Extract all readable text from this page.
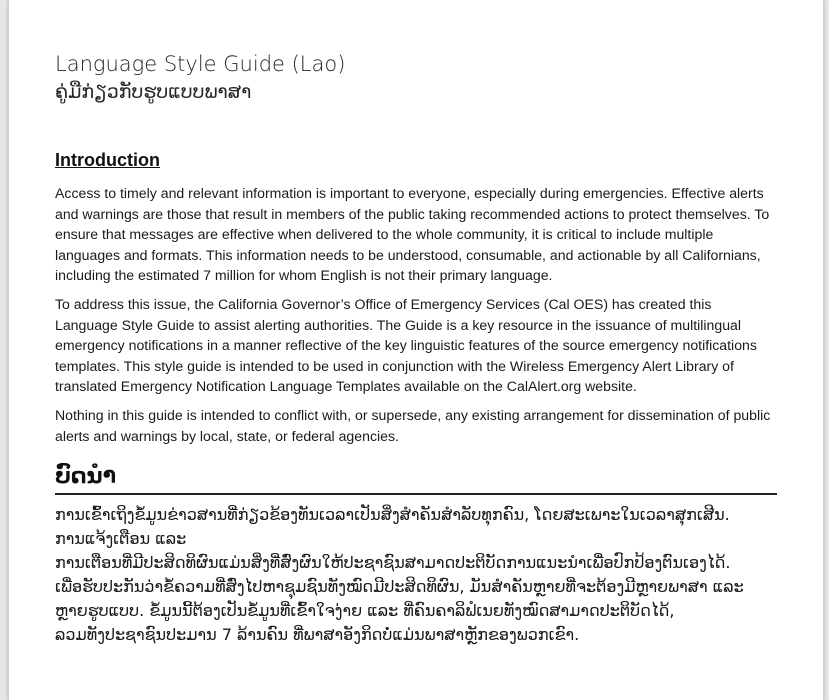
Language Style Guide (Lao)
ຄູ່ມືກ່ຽວກັບຮູບແບບພາສາ
Introduction

Access to timely and relevant information is important to everyone, especially during emergencies. Effective alerts and warnings are those that result in members of the public taking recommended actions to protect themselves. To ensure that messages are effective when delivered to the whole community, it is critical to include multiple languages and formats. This information needs to be understood, consumable, and actionable by all Californians, including the estimated 7 million for whom English is not their primary language.

To address this issue, the California Governor’s Office of Emergency Services (Cal OES) has created this Language Style Guide to assist alerting authorities. The Guide is a key resource in the issuance of multilingual emergency notifications in a manner reflective of the key linguistic features of the source emergency notifications templates. This style guide is intended to be used in conjunction with the Wireless Emergency Alert Library of translated Emergency Notification Language Templates available on the CalAlert.org website.

Nothing in this guide is intended to conflict with, or supersede, any existing arrangement for dissemination of public alerts and warnings by local, state, or federal agencies.

ບົດນໍາ

ການເຂົ້າເຖິງຂໍ້ມູນຂ່າວສານທີ່ກ່ຽວຂ້ອງທັນເວລາເປັນສິ່ງສໍາຄັນສໍາລັບທຸກຄົນ, ໂດຍສະເພາະໃນເວລາສຸກເສີນ.

ການແຈ້ງເຕືອນ ແລະ

ການເຕືອນທີ່ມີປະສິດທິຜົນແມ່ນສິ່ງທີ່ສົ່ງຜົນໃຫ້ປະຊາຊົນສາມາດປະຕິບັດການແນະນໍາເພື່ອປົກປ້ອງຕົນເອງໄດ້.

ເພື່ອຮັບປະກັນວ່າຂໍ້ຄວາມທີ່ສົ່ງໄປຫາຊຸມຊົນທັງໝົດມີປະສິດທິຜົນ, ມັນສໍາຄັນຫຼາຍທີ່ຈະຕ້ອງມີຫຼາຍພາສາ ແລະ

ຫຼາຍຮູບແບບ. ຂໍ້ມູນນີ້ຕ້ອງເປັນຂໍ້ມູນທີ່ເຂົ້າໃຈງ່າຍ ແລະ ທີ່ຄົນຄາລິຟໍເນຍທັງໝົດສາມາດປະຕິບັດໄດ້,

ລວມທັງປະຊາຊົນປະມານ 7 ລ້ານຄົນ ທີ່ພາສາອັງກິດບໍ່ແມ່ນພາສາຫຼັກຂອງພວກເຂົາ.
